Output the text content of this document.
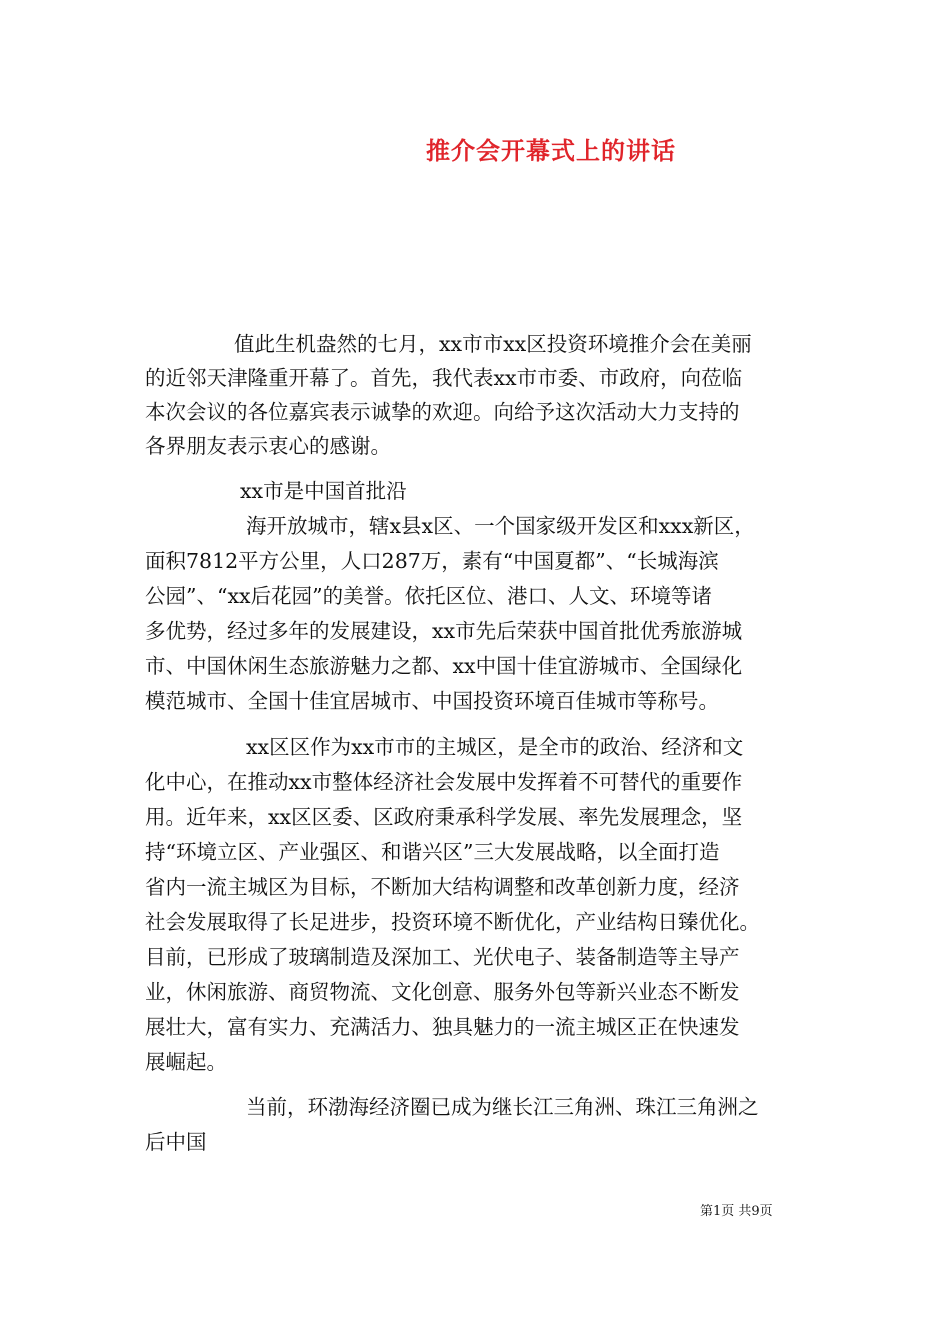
推介会开幕式上的讲话
值此生机盎然的七月，xx市市xx区投资环境推介会在美丽
的近邻天津隆重开幕了。首先，我代表xx市市委、市政府，向莅临
本次会议的各位嘉宾表示诚挚的欢迎。向给予这次活动大力支持的
各界朋友表示衷心的感谢。
xx市是中国首批沿
海开放城市，辖x县x区、一个国家级开发区和xxx新区，
面积7812平方公里，人口287万，素有“中国夏都”、“长城海滨
公园”、“xx后花园”的美誉。依托区位、港口、人文、环境等诸
多优势，经过多年的发展建设，xx市先后荣获中国首批优秀旅游城
市、中国休闲生态旅游魅力之都、xx中国十佳宜游城市、全国绿化
模范城市、全国十佳宜居城市、中国投资环境百佳城市等称号。
xx区区作为xx市市的主城区，是全市的政治、经济和文
化中心，在推动xx市整体经济社会发展中发挥着不可替代的重要作
用。近年来，xx区区委、区政府秉承科学发展、率先发展理念，坚
持“环境立区、产业强区、和谐兴区”三大发展战略，以全面打造
省内一流主城区为目标，不断加大结构调整和改革创新力度，经济
社会发展取得了长足进步，投资环境不断优化，产业结构日臻优化。
目前，已形成了玻璃制造及深加工、光伏电子、装备制造等主导产
业，休闲旅游、商贸物流、文化创意、服务外包等新兴业态不断发
展壮大，富有实力、充满活力、独具魅力的一流主城区正在快速发
展崛起。
当前，环渤海经济圈已成为继长江三角洲、珠江三角洲之
后中国
第1页 共9页
